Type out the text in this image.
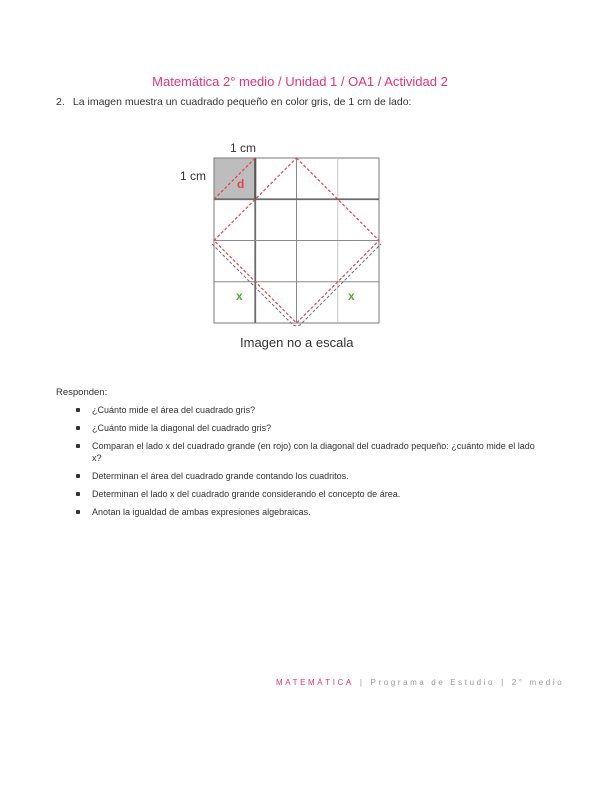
Matemática 2° medio / Unidad 1 / OA1 / Actividad 2
2. La imagen muestra un cuadrado pequeño en color gris, de 1 cm de lado:
1 cm
1 cm
d
x	x
Imagen no a escala
Responden:
¿Cuánto mide el área del cuadrado gris?
¿Cuánto mide la diagonal del cuadrado gris?
Comparan el lado x del cuadrado grande (en rojo) con la diagonal del cuadrado pequeño: ¿cuánto mide el lado x?
Determinan el área del cuadrado grande contando los cuadritos.
Determinan el lado x del cuadrado grande considerando el concepto de área.
Anotan la igualdad de ambas expresiones algebraicas.
MATEMÁTICA | Programa de Estudio | 2° medio
